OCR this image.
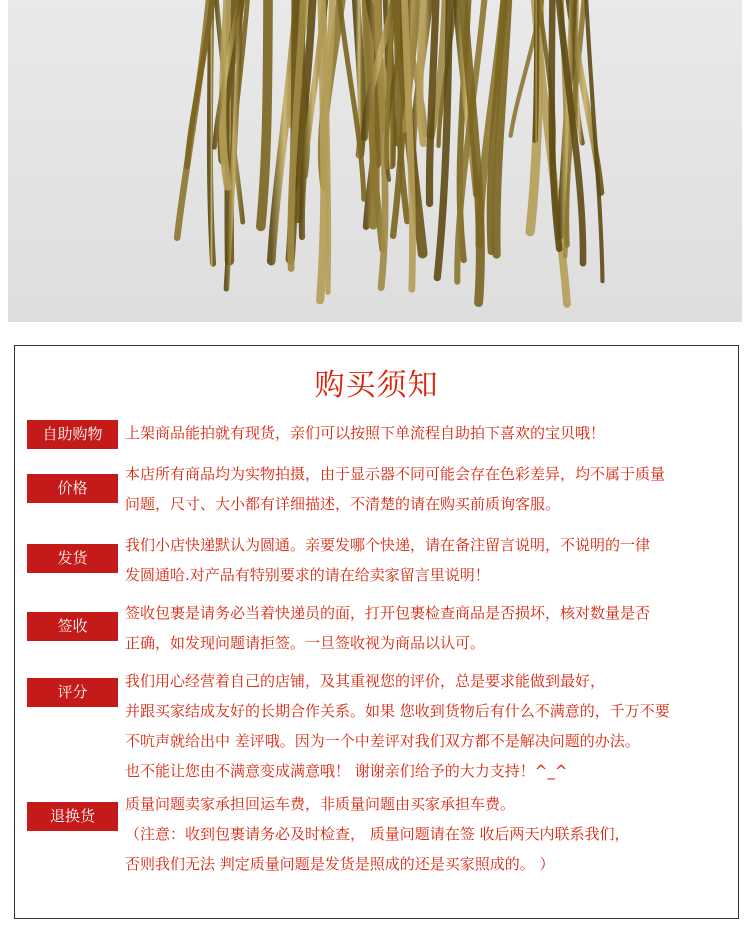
购买须知
自助购物	上架商品能拍就有现货，亲们可以按照下单流程自助拍下喜欢的宝贝哦！
价格
本店所有商品均为实物拍摄，由于显示器不同可能会存在色彩差异，均不属于质量
问题，尺寸、大小都有详细描述，不清楚的请在购买前质询客服。
发货
我们小店快递默认为圆通。亲要发哪个快递，请在备注留言说明，不说明的一律
发圆通哈.对产品有特别要求的请在给卖家留言里说明！
签收
签收包裹是请务必当着快递员的面，打开包裹检查商品是否损坏，核对数量是否
正确，如发现问题请拒签。一旦签收视为商品以认可。
评分
我们用心经营着自己的店铺，及其重视您的评价，总是要求能做到最好，
并跟买家结成友好的长期合作关系。如果 您收到货物后有什么不满意的，千万不要
不吭声就给出中 差评哦。因为一个中差评对我们双方都不是解决问题的办法。
也不能让您由不满意变成满意哦！ 谢谢亲们给予的大力支持！^_^
退换货
质量问题卖家承担回运车费，非质量问题由买家承担车费。
（注意：收到包裹请务必及时检查， 质量问题请在签 收后两天内联系我们，
否则我们无法 判定质量问题是发货是照成的还是买家照成的。 ）
